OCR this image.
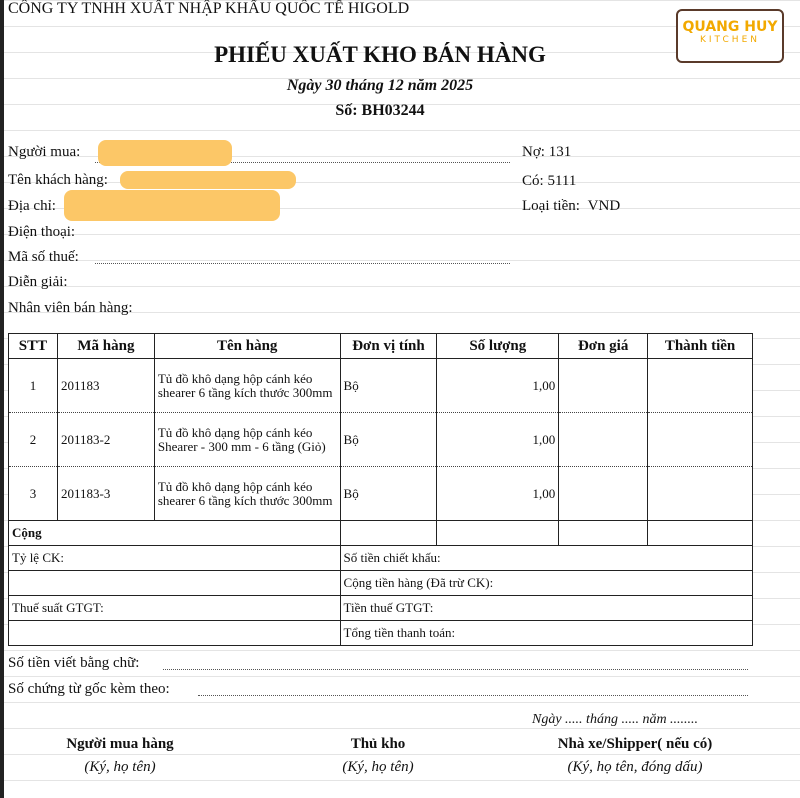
CÔNG TY TNHH XUẤT NHẬP KHẨU QUỐC TẾ HIGOLD
QUANG HUY
KITCHEN
PHIẾU XUẤT KHO BÁN HÀNG
Ngày 30 tháng 12 năm 2025
Số: BH03244
Người mua:
Tên khách hàng:
Địa chỉ:
Điện thoại:
Mã số thuế:
Diễn giải:
Nhân viên bán hàng:
Nợ: 131
Có: 5111
Loại tiền: VND
STT	Mã hàng	Tên hàng	Đơn vị tính	Số lượng	Đơn giá	Thành tiền
1	201183	Tủ đồ khô dạng hộp cánh kéo shearer 6 tầng kích thước 300mm	Bộ	1,00		
2	201183-2	Tủ đồ khô dạng hộp cánh kéo Shearer - 300 mm - 6 tầng (Giỏ)	Bộ	1,00		
3	201183-3	Tủ đồ khô dạng hộp cánh kéo shearer 6 tầng kích thước 300mm	Bộ	1,00		
Cộng						
Tỷ lệ CK:			Số tiền chiết khấu:			
			Cộng tiền hàng (Đã trừ CK):			
Thuế suất GTGT:			Tiền thuế GTGT:			
			Tổng tiền thanh toán:			
Số tiền viết bằng chữ:
Số chứng từ gốc kèm theo:
Ngày ..... tháng ..... năm ........
Người mua hàng
(Ký, họ tên)
Thủ kho
(Ký, họ tên)
Nhà xe/Shipper( nếu có)
(Ký, họ tên, đóng dấu)
